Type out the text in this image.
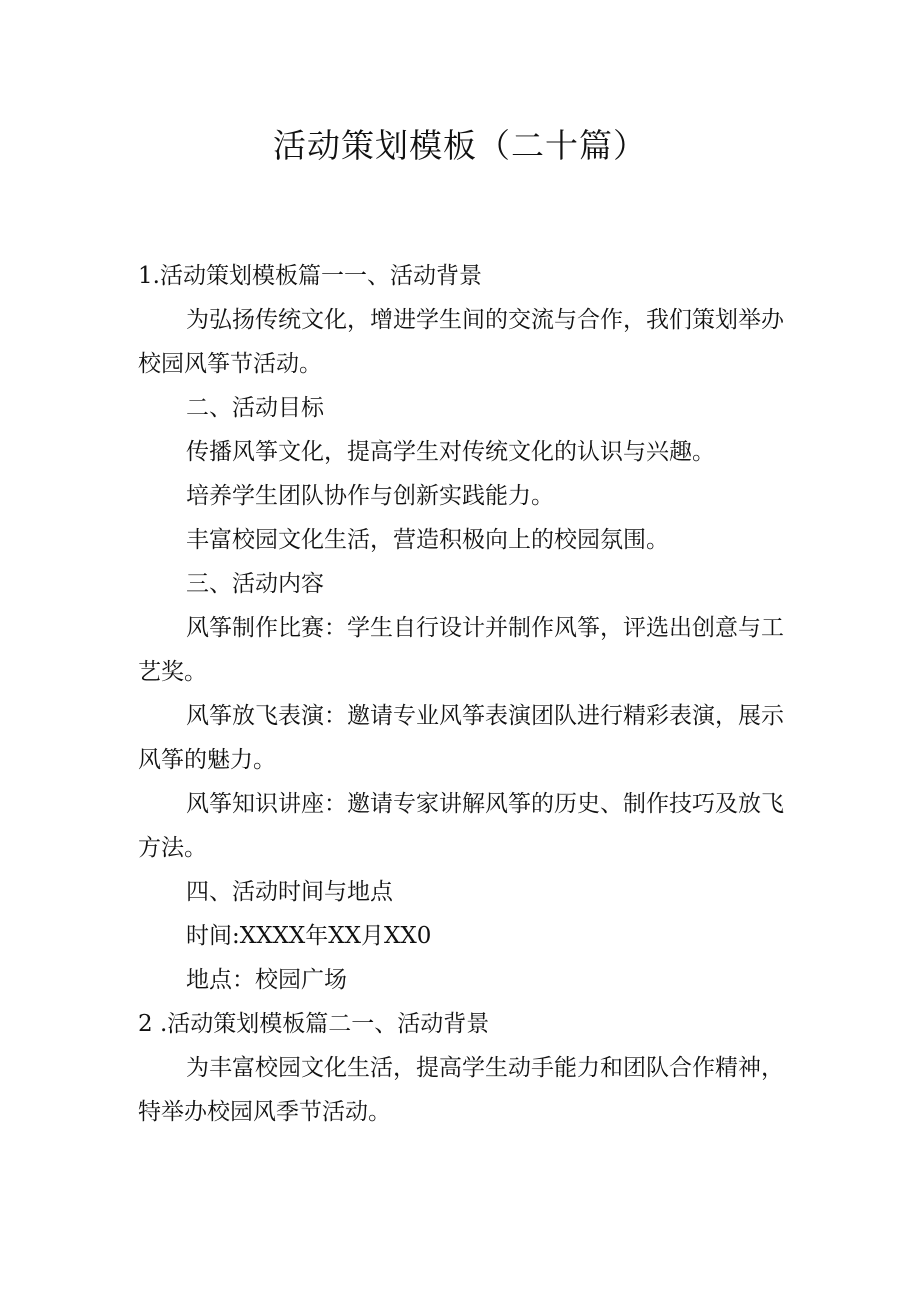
活动策划模板（二十篇）

1.活动策划模板篇一一、活动背景

为弘扬传统文化，增进学生间的交流与合作，我们策划举办

校园风筝节活动。

二、活动目标

传播风筝文化，提高学生对传统文化的认识与兴趣。

培养学生团队协作与创新实践能力。

丰富校园文化生活，营造积极向上的校园氛围。

三、活动内容

风筝制作比赛：学生自行设计并制作风筝，评选出创意与工

艺奖。

风筝放飞表演：邀请专业风筝表演团队进行精彩表演，展示

风筝的魅力。

风筝知识讲座：邀请专家讲解风筝的历史、制作技巧及放飞

方法。

四、活动时间与地点

时间:XXXX年XX月XX0

地点：校园广场

2 .活动策划模板篇二一、活动背景

为丰富校园文化生活，提高学生动手能力和团队合作精神，

特举办校园风季节活动。
